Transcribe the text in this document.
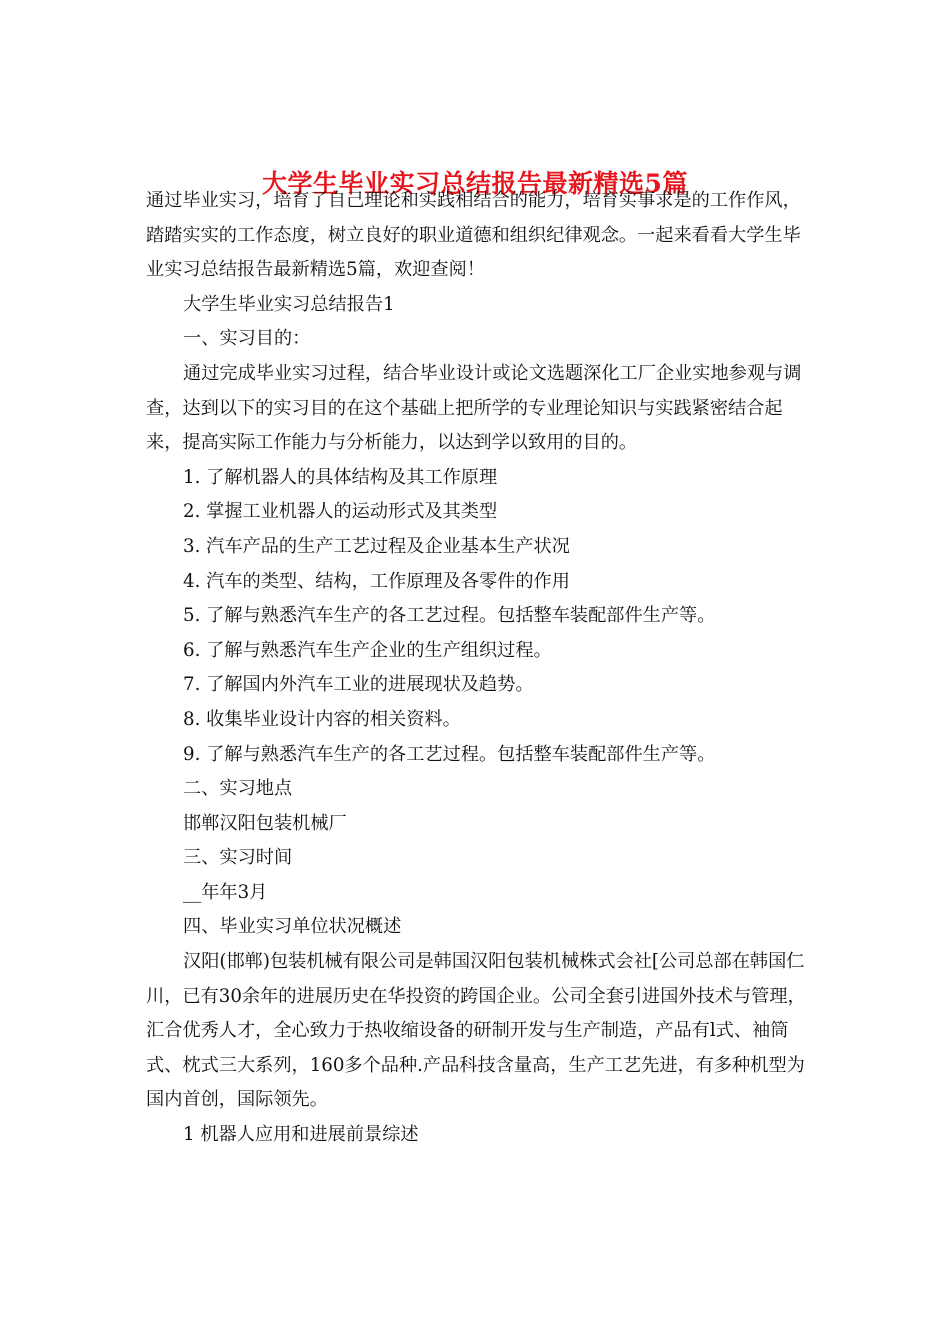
大学生毕业实习总结报告最新精选5篇

通过毕业实习，培育了自己理论和实践相结合的能力，培育实事求是的工作作风，踏踏实实的工作态度，树立良好的职业道德和组织纪律观念。一起来看看大学生毕业实习总结报告最新精选5篇，欢迎查阅！

大学生毕业实习总结报告1

一、实习目的：

通过完成毕业实习过程，结合毕业设计或论文选题深化工厂企业实地参观与调查，达到以下的实习目的在这个基础上把所学的专业理论知识与实践紧密结合起来，提高实际工作能力与分析能力，以达到学以致用的目的。

1. 了解机器人的具体结构及其工作原理

2. 掌握工业机器人的运动形式及其类型

3. 汽车产品的生产工艺过程及企业基本生产状况

4. 汽车的类型、结构，工作原理及各零件的作用

5. 了解与熟悉汽车生产的各工艺过程。包括整车装配部件生产等。

6. 了解与熟悉汽车生产企业的生产组织过程。

7. 了解国内外汽车工业的进展现状及趋势。

8. 收集毕业设计内容的相关资料。

9. 了解与熟悉汽车生产的各工艺过程。包括整车装配部件生产等。

二、实习地点

邯郸汉阳包装机械厂

三、实习时间

__年年3月

四、毕业实习单位状况概述

汉阳(邯郸)包装机械有限公司是韩国汉阳包装机械株式会社[公司总部在韩国仁川，已有30余年的进展历史在华投资的跨国企业。公司全套引进国外技术与管理，汇合优秀人才，全心致力于热收缩设备的研制开发与生产制造，产品有l式、袖筒式、枕式三大系列，160多个品种.产品科技含量高，生产工艺先进，有多种机型为国内首创，国际领先。

1 机器人应用和进展前景综述
